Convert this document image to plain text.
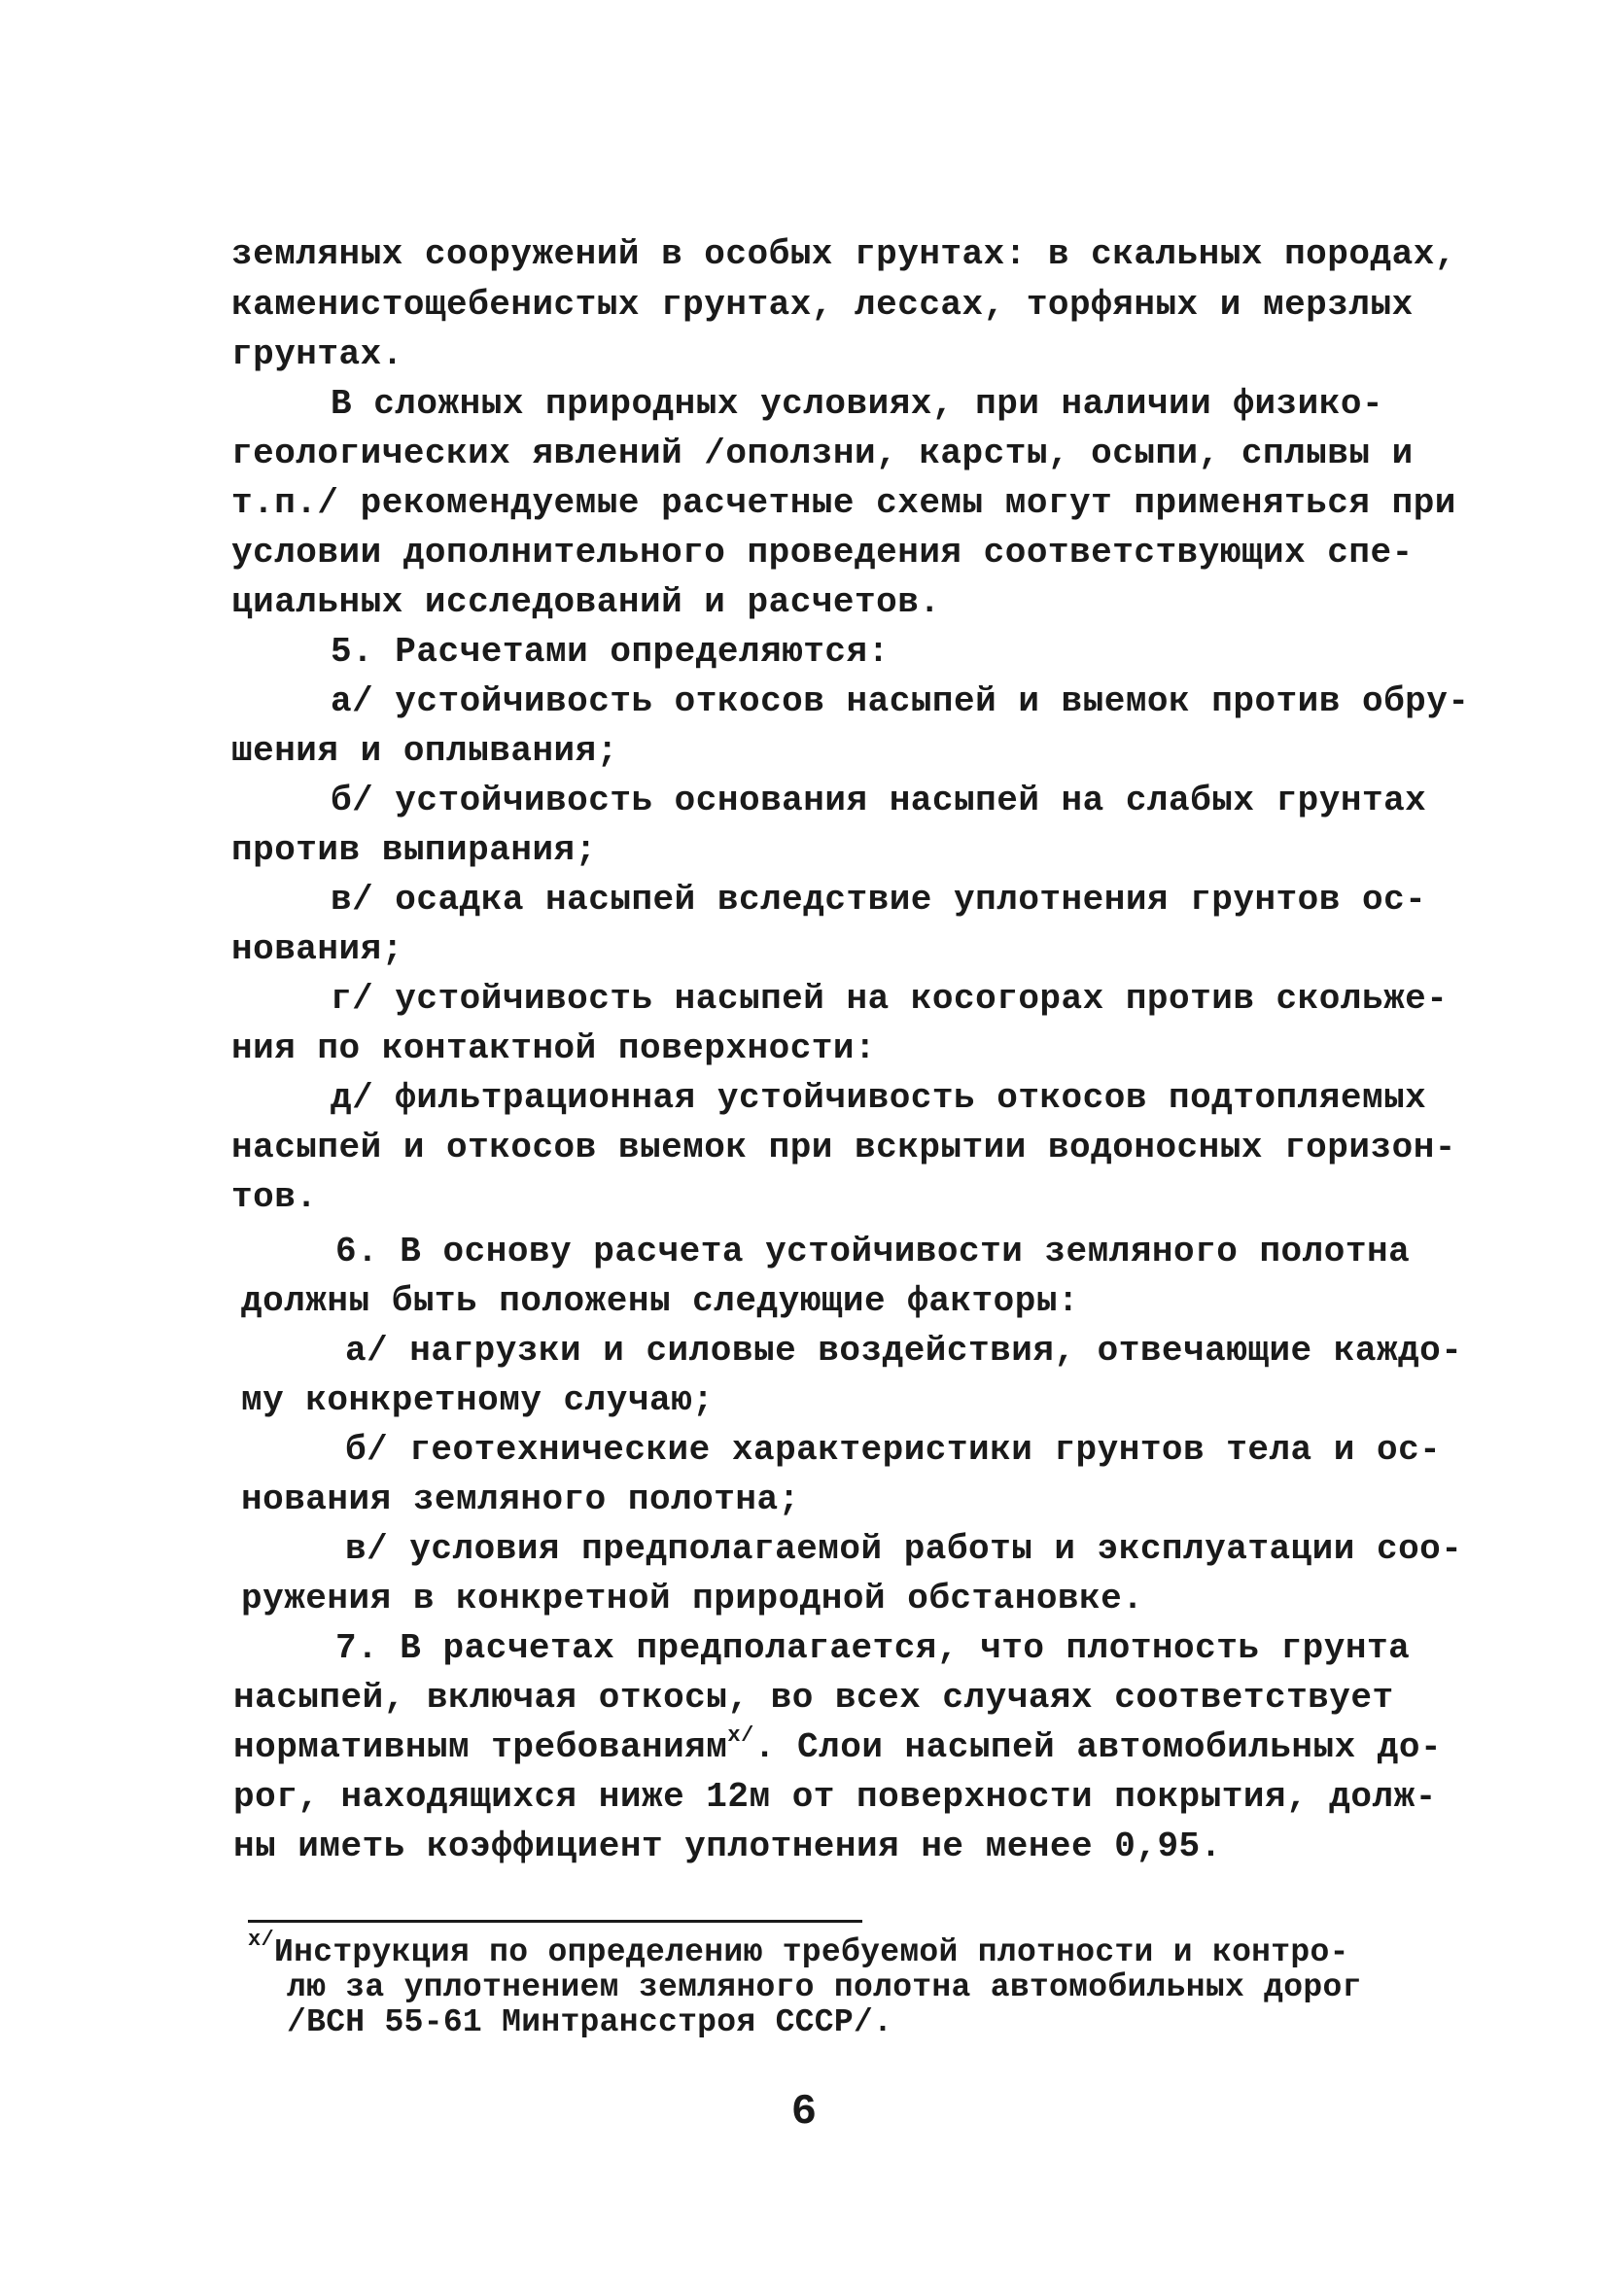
земляных сооружений в особых грунтах: в скальных породах,
каменистощебенистых грунтах, лессах, торфяных и мерзлых
грунтах.
В сложных природных условиях, при наличии физико-
геологических явлений /оползни, карсты, осыпи, сплывы и
т.п./ рекомендуемые расчетные схемы могут применяться при
условии дополнительного проведения соответствующих спе-
циальных исследований и расчетов.
5. Расчетами определяются:
а/ устойчивость откосов насыпей и выемок против обру-
шения и оплывания;
б/ устойчивость основания насыпей на слабых грунтах
против выпирания;
в/ осадка насыпей вследствие уплотнения грунтов ос-
нования;
г/ устойчивость насыпей на косогорах против скольже-
ния по контактной поверхности:
д/ фильтрационная устойчивость откосов подтопляемых
насыпей и откосов выемок при вскрытии водоносных горизон-
тов.
6. В основу расчета устойчивости земляного полотна
должны быть положены следующие факторы:
а/ нагрузки и силовые воздействия, отвечающие каждо-
му конкретному случаю;
б/ геотехнические характеристики грунтов тела и ос-
нования земляного полотна;
в/ условия предполагаемой работы и эксплуатации соо-
ружения в конкретной природной обстановке.
7. В расчетах предполагается, что плотность грунта
насыпей, включая откосы, во всех случаях соответствует
нормативным требованиям$^{x/}$. Слои насыпей автомобильных до-
рог, находящихся ниже 12м от поверхности покрытия, долж-
ны иметь коэффициент уплотнения не менее 0,95.
$^{x/}$Инструкция по определению требуемой плотности и контро-
лю за уплотнением земляного полотна автомобильных дорог
/ВСН 55-61 Минтрансстроя СССР/.
6
